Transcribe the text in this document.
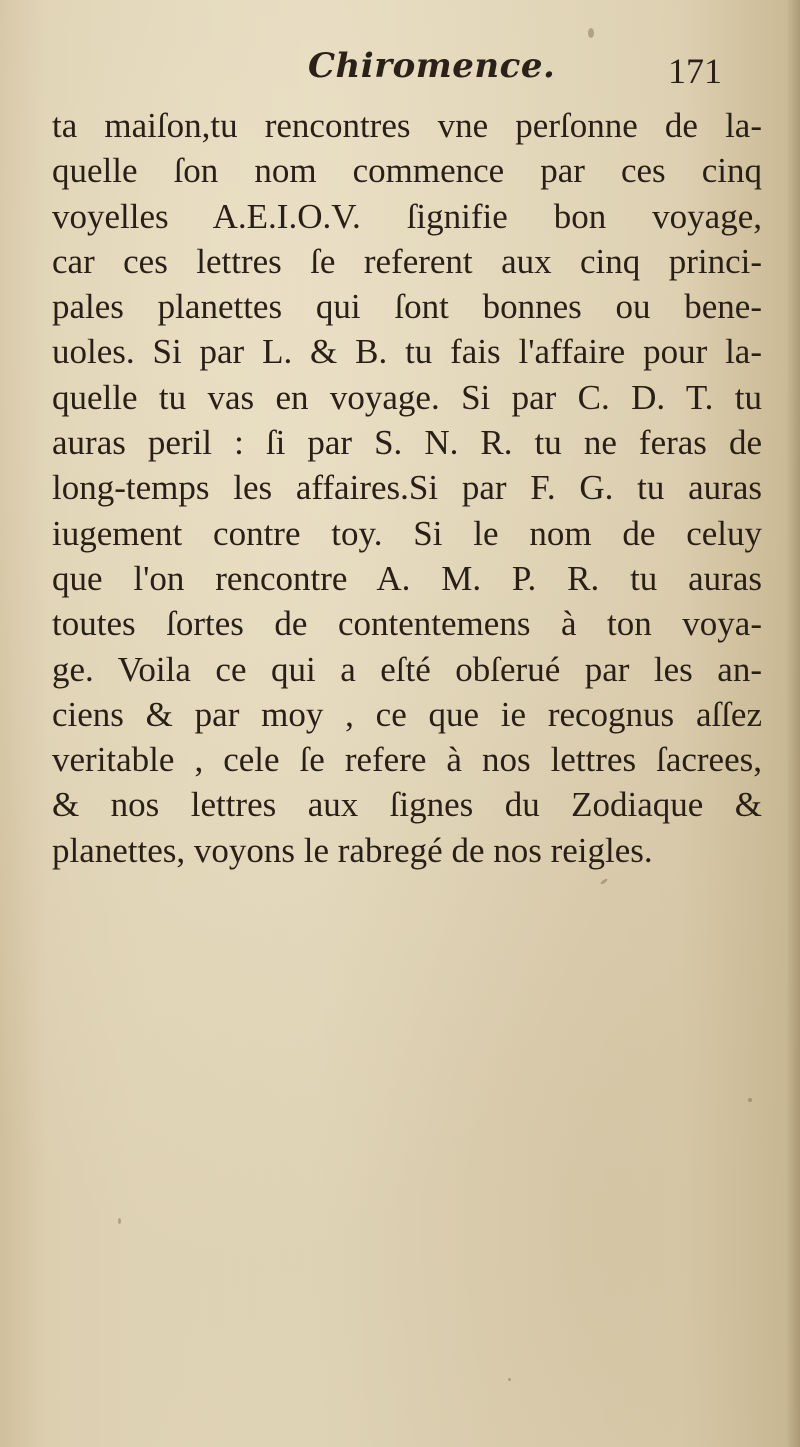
Chiromence.	171
ta maiſon,tu rencontres vne perſonne de la-
quelle ſon nom commence par ces cinq
voyelles A.E.I.O.V. ſignifie bon voyage,
car ces lettres ſe referent aux cinq princi-
pales planettes qui ſont bonnes ou bene-
uoles. Si par L. & B. tu fais l'affaire pour la-
quelle tu vas en voyage. Si par C. D. T. tu
auras peril : ſi par S. N. R. tu ne feras de
long-temps les affaires.Si par F. G. tu auras
iugement contre toy. Si le nom de celuy
que l'on rencontre A. M. P. R. tu auras
toutes ſortes de contentemens à ton voya-
ge. Voila ce qui a eſté obſerué par les an-
ciens & par moy , ce que ie recognus aſſez
veritable , cele ſe refere à nos lettres ſacrees,
& nos lettres aux ſignes du Zodiaque &
planettes, voyons le rabregé de nos reigles.
